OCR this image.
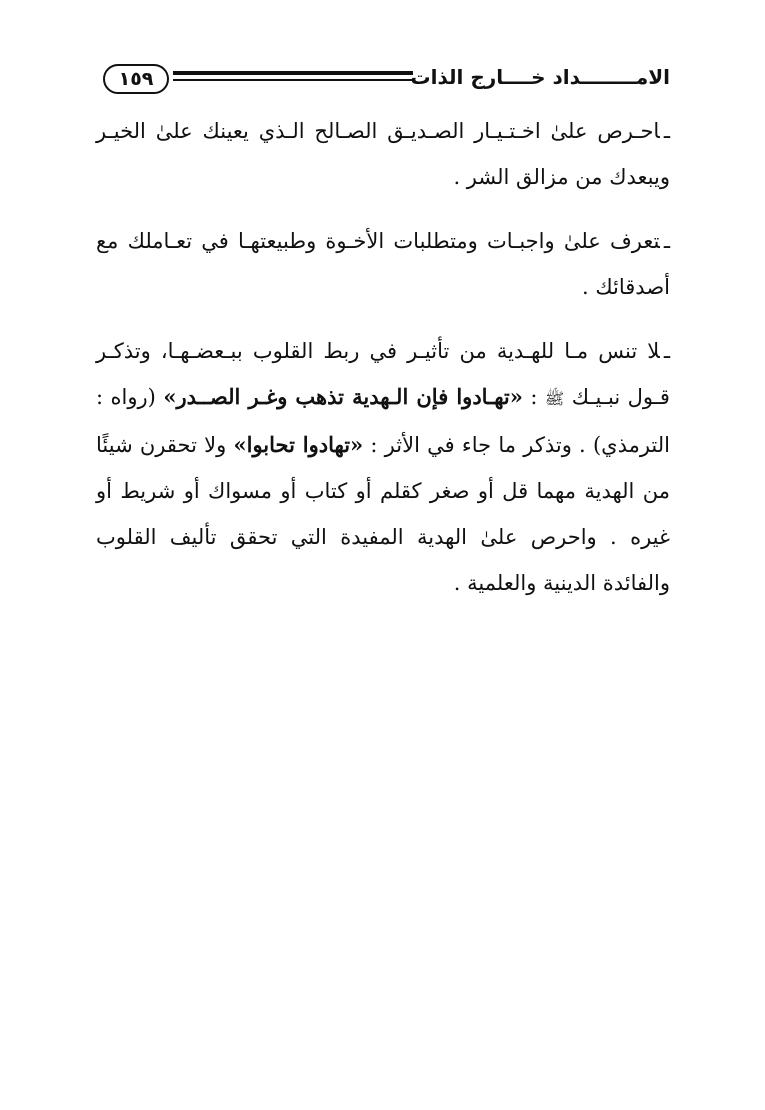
١٥٩	الامــــــــداد خــــارج الذات

ـاحـرص علىٰ اخـتـيـار الصـديـق الصـالح الـذي يعينك علىٰ الخيـر ويبعدك من مزالق الشر .

ـتعرف علىٰ واجبـات ومتطلبات الأخـوة وطبيعتهـا في تعـاملك مع أصدقائك .

ـلا تنس مـا للهـدية من تأثيـر في ربط القلوب ببـعضـهـا، وتذكـر قـول نبـيـك ﷺ : «تهـادوا فإن الـهدية تذهب وغـر الصــدر» (رواه : الترمذي) . وتذكر ما جاء في الأثر : «تهادوا تحابوا» ولا تحقرن شيئًا من الهدية مهما قل أو صغر كقلم أو كتاب أو مسواك أو شريط أو غيره . واحرص علىٰ الهدية المفيدة التي تحقق تأليف القلوب والفائدة الدينية والعلمية .
